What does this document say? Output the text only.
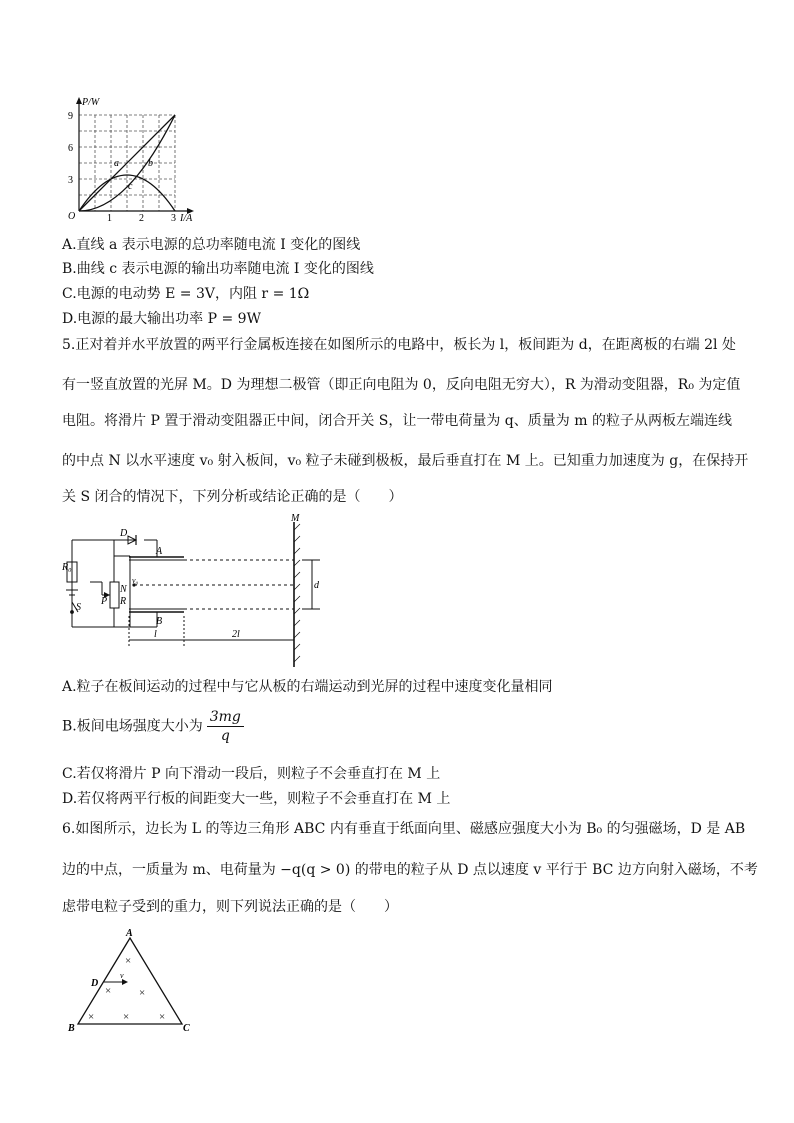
P/W
I/A
O
3
6
9
1	2	3
a	b
c
A.直线 a 表示电源的总功率随电流 I 变化的图线
B.曲线 c 表示电源的输出功率随电流 I 变化的图线
C.电源的电动势 E = 3V，内阻 r = 1Ω
D.电源的最大输出功率 P = 9W
5.正对着并水平放置的两平行金属板连接在如图所示的电路中，板长为 l，板间距为 d，在距离板的右端 2l 处
有一竖直放置的光屏 M。D 为理想二极管（即正向电阻为 0，反向电阻无穷大），R 为滑动变阻器，R₀ 为定值
电阻。将滑片 P 置于滑动变阻器正中间，闭合开关 S，让一带电荷量为 q、质量为 m 的粒子从两板左端连线
的中点 N 以水平速度 v₀ 射入板间，v₀ 粒子未碰到极板，最后垂直打在 M 上。已知重力加速度为 g，在保持开
关 S 闭合的情况下，下列分析或结论正确的是（　　）
R₀
S
P R
N
v₀
D
A
B
M
d
l	2l
A.粒子在板间运动的过程中与它从板的右端运动到光屏的过程中速度变化量相同
B.板间电场强度大小为 $\frac{3mg}{q}$
C.若仅将滑片 P 向下滑动一段后，则粒子不会垂直打在 M 上
D.若仅将两平行板的间距变大一些，则粒子不会垂直打在 M 上
6.如图所示，边长为 L 的等边三角形 ABC 内有垂直于纸面向里、磁感应强度大小为 B₀ 的匀强磁场，D 是 AB
边的中点，一质量为 m、电荷量为 −q(q > 0) 的带电的粒子从 D 点以速度 v 平行于 BC 边方向射入磁场，不考
虑带电粒子受到的重力，则下列说法正确的是（　　）
×
×	×
×	×	×
A
B	C
D
v
